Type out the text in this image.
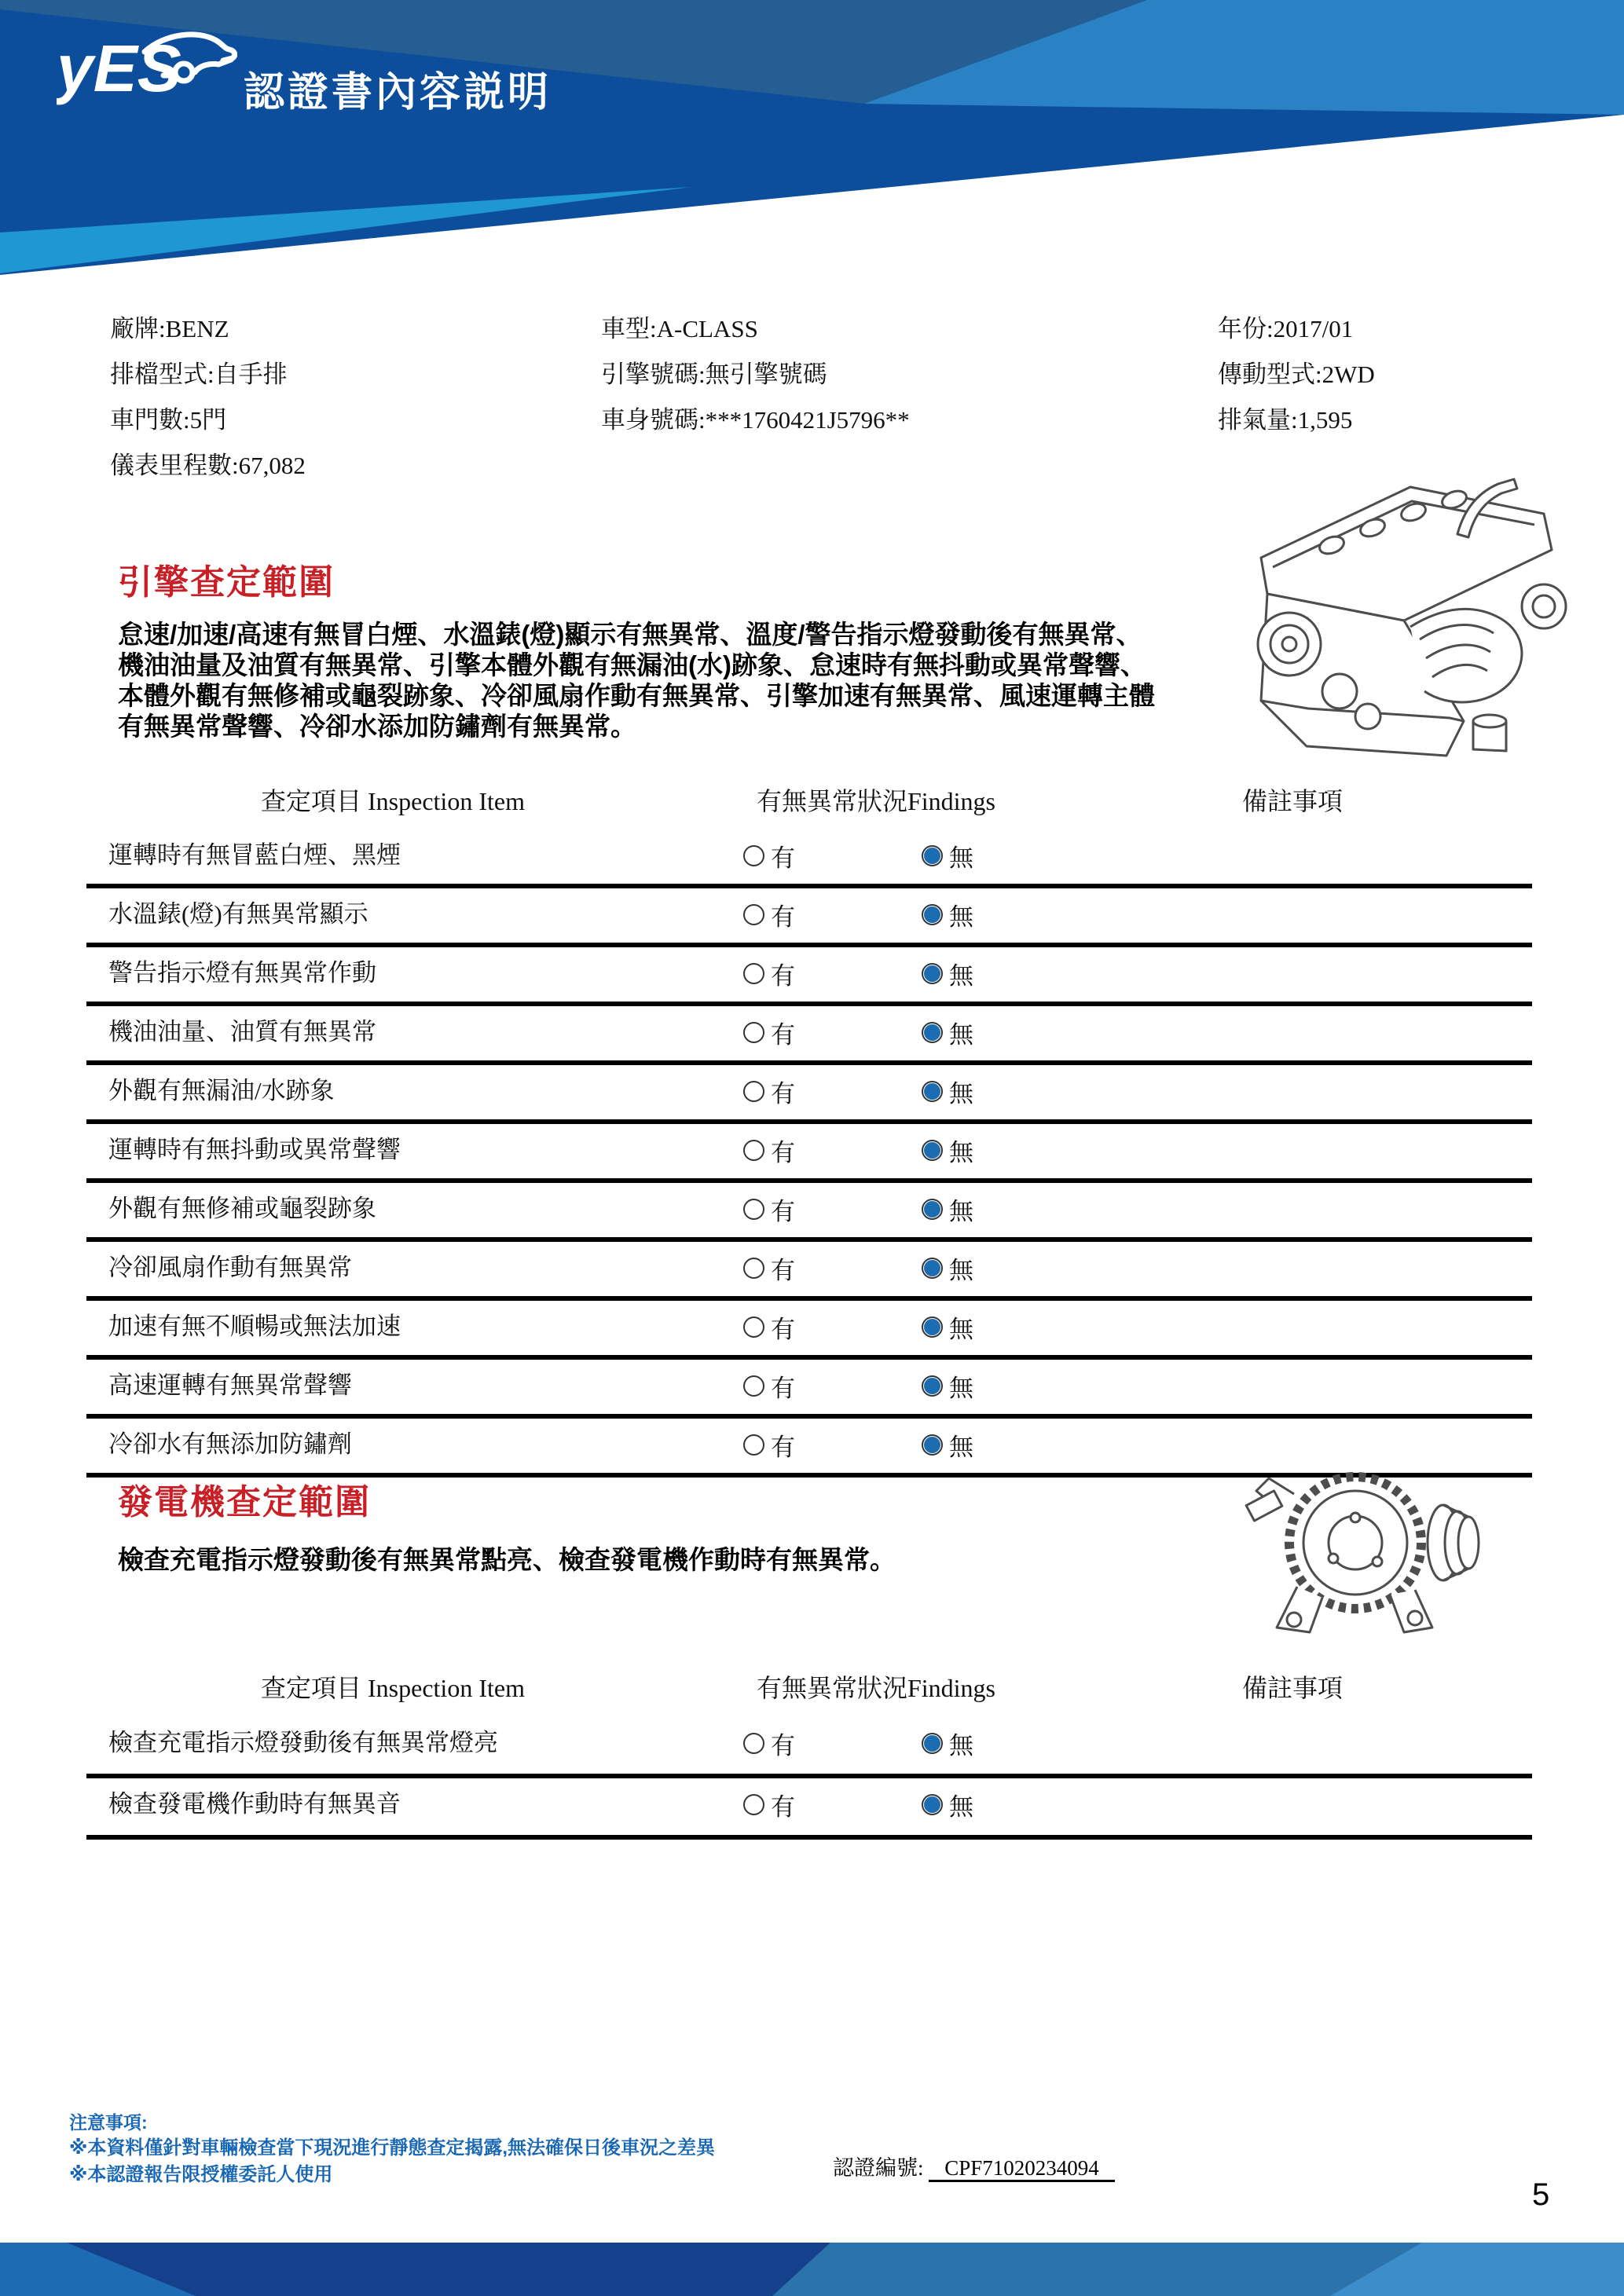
yES 認證書內容説明
廠牌:BENZ
排檔型式:自手排
車門數:5門
儀表里程數:67,082
車型:A-CLASS
引擎號碼:無引擎號碼
車身號碼:***1760421J5796**
年份:2017/01
傳動型式:2WD
排氣量:1,595
引擎查定範圍
怠速/加速/高速有無冒白煙、水溫錶(燈)顯示有無異常、溫度/警告指示燈發動後有無異常、
機油油量及油質有無異常、引擎本體外觀有無漏油(水)跡象、怠速時有無抖動或異常聲響、
本體外觀有無修補或龜裂跡象、冷卻風扇作動有無異常、引擎加速有無異常、風速運轉主體
有無異常聲響、冷卻水添加防鏽劑有無異常。
查定項目 Inspection Item	有無異常狀況Findings	備註事項
運轉時有無冒藍白煙、黑煙	有	無
水溫錶(燈)有無異常顯示	有	無
警告指示燈有無異常作動	有	無
機油油量、油質有無異常	有	無
外觀有無漏油/水跡象	有	無
運轉時有無抖動或異常聲響	有	無
外觀有無修補或龜裂跡象	有	無
冷卻風扇作動有無異常	有	無
加速有無不順暢或無法加速	有	無
高速運轉有無異常聲響	有	無
冷卻水有無添加防鏽劑	有	無
發電機查定範圍
檢查充電指示燈發動後有無異常點亮、檢查發電機作動時有無異常。
查定項目 Inspection Item	有無異常狀況Findings	備註事項
檢查充電指示燈發動後有無異常燈亮	有	無
檢查發電機作動時有無異音	有	無
注意事項:
※本資料僅針對車輛檢查當下現況進行靜態查定揭露,無法確保日後車況之差異
※本認證報告限授權委託人使用	認證編號: CPF71020234094
5
